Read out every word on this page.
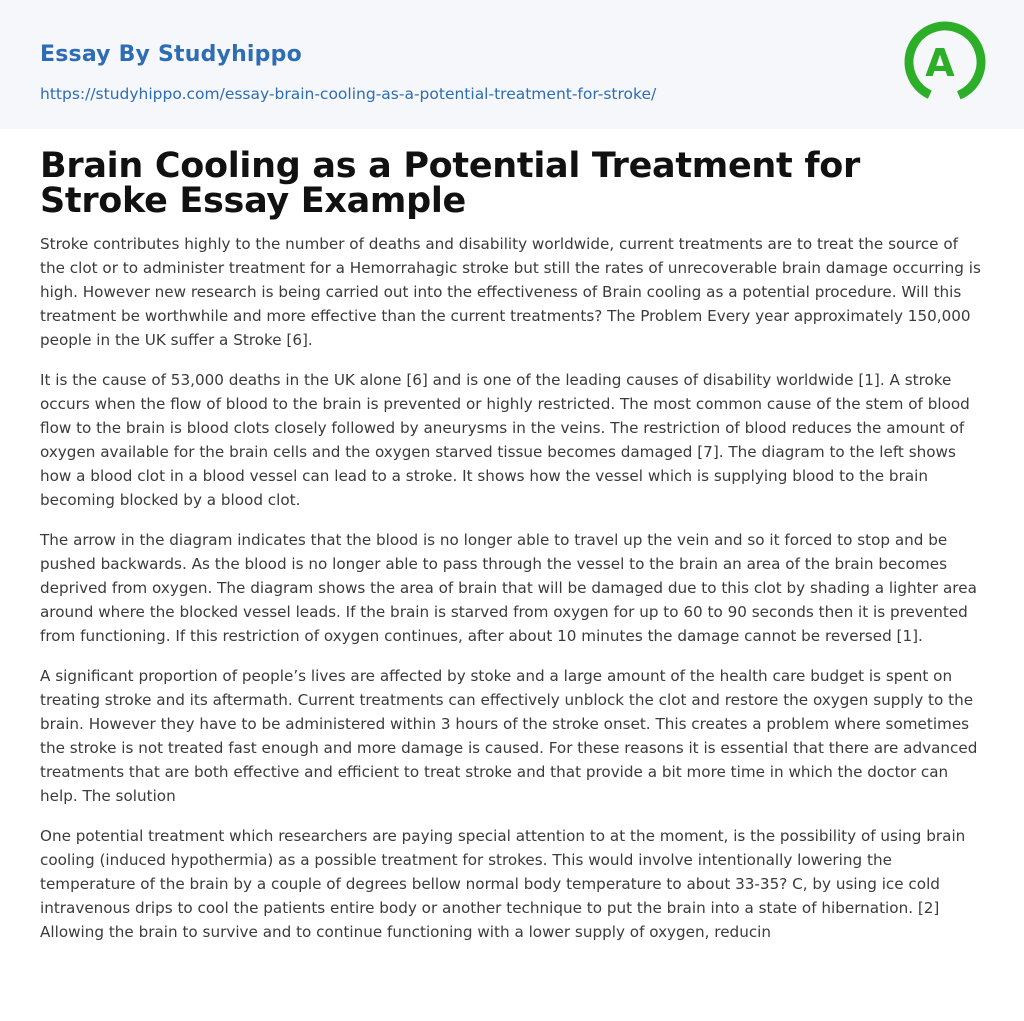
Essay By Studyhippo
https://studyhippo.com/essay-brain-cooling-as-a-potential-treatment-for-stroke/
A
Brain Cooling as a Potential Treatment for Stroke Essay Example

Stroke contributes highly to the number of deaths and disability worldwide, current treatments are to treat the source of the clot or to administer treatment for a Hemorrahagic stroke but still the rates of unrecoverable brain damage occurring is high. However new research is being carried out into the effectiveness of Brain cooling as a potential procedure. Will this treatment be worthwhile and more effective than the current treatments? The Problem Every year approximately 150,000 people in the UK suffer a Stroke [6].

It is the cause of 53,000 deaths in the UK alone [6] and is one of the leading causes of disability worldwide [1]. A stroke occurs when the flow of blood to the brain is prevented or highly restricted. The most common cause of the stem of blood flow to the brain is blood clots closely followed by aneurysms in the veins. The restriction of blood reduces the amount of oxygen available for the brain cells and the oxygen starved tissue becomes damaged [7]. The diagram to the left shows how a blood clot in a blood vessel can lead to a stroke. It shows how the vessel which is supplying blood to the brain becoming blocked by a blood clot.

The arrow in the diagram indicates that the blood is no longer able to travel up the vein and so it forced to stop and be pushed backwards. As the blood is no longer able to pass through the vessel to the brain an area of the brain becomes deprived from oxygen. The diagram shows the area of brain that will be damaged due to this clot by shading a lighter area around where the blocked vessel leads. If the brain is starved from oxygen for up to 60 to 90 seconds then it is prevented from functioning. If this restriction of oxygen continues, after about 10 minutes the damage cannot be reversed [1].

A significant proportion of people’s lives are affected by stoke and a large amount of the health care budget is spent on treating stroke and its aftermath. Current treatments can effectively unblock the clot and restore the oxygen supply to the brain. However they have to be administered within 3 hours of the stroke onset. This creates a problem where sometimes the stroke is not treated fast enough and more damage is caused. For these reasons it is essential that there are advanced treatments that are both effective and efficient to treat stroke and that provide a bit more time in which the doctor can help. The solution

One potential treatment which researchers are paying special attention to at the moment, is the possibility of using brain cooling (induced hypothermia) as a possible treatment for strokes. This would involve intentionally lowering the temperature of the brain by a couple of degrees bellow normal body temperature to about 33-35? C, by using ice cold intravenous drips to cool the patients entire body or another technique to put the brain into a state of hibernation. [2] Allowing the brain to survive and to continue functioning with a lower supply of oxygen, reducin
